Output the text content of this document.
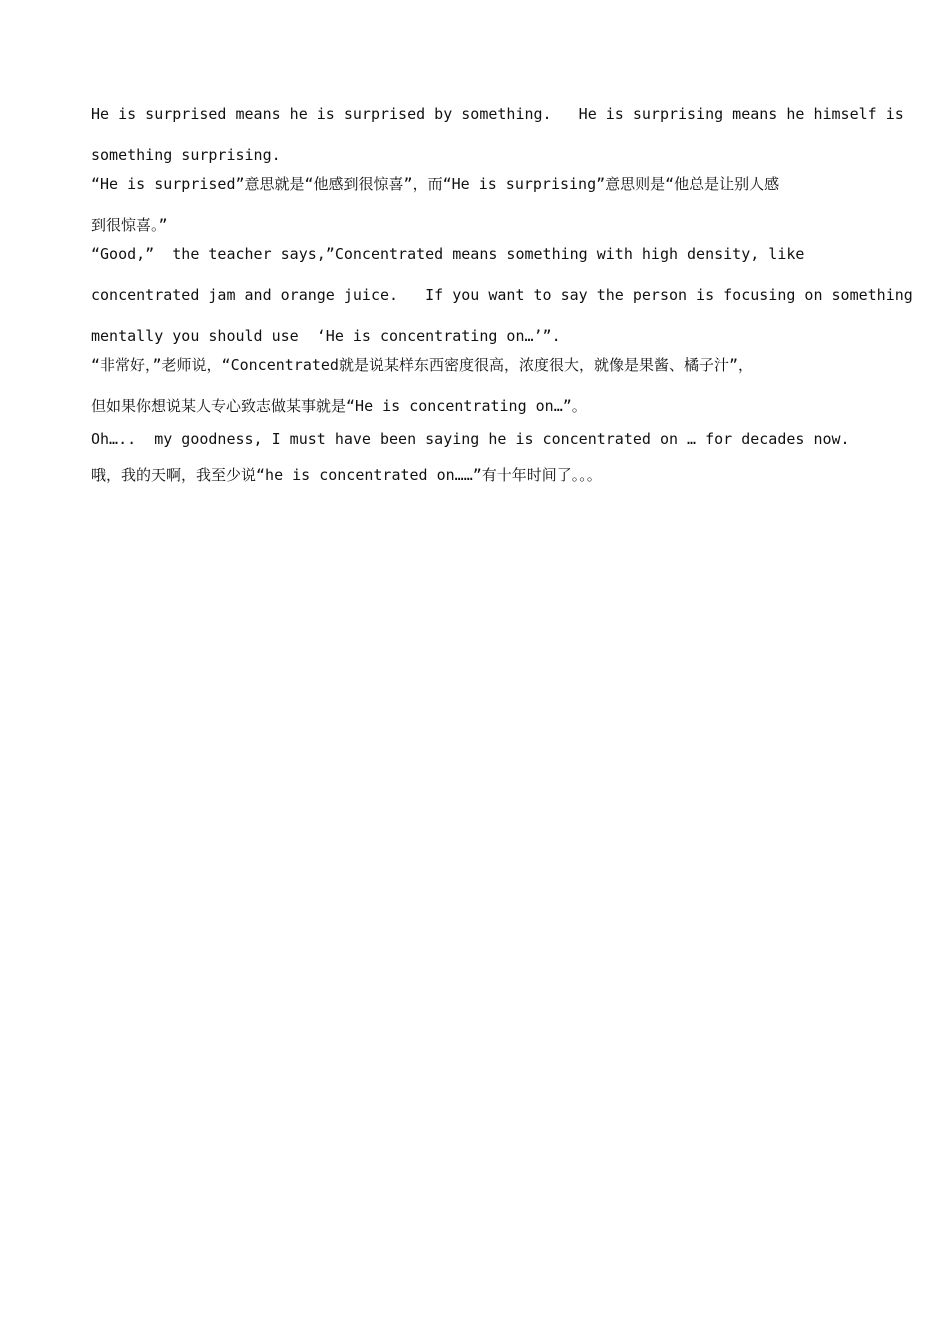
He is surprised means he is surprised by something.   He is surprising means he himself is
something surprising.

“He is surprised”意思就是“他感到很惊喜”，而“He is surprising”意思则是“他总是让别人感
到很惊喜。”

“Good,”  the teacher says,”Concentrated means something with high density, like
concentrated jam and orange juice.   If you want to say the person is focusing on something
mentally you should use  ‘He is concentrating on…’”.

“非常好，”老师说，“Concentrated就是说某样东西密度很高，浓度很大，就像是果酱、橘子汁”，
但如果你想说某人专心致志做某事就是“He is concentrating on…”。

Oh…..  my goodness, I must have been saying he is concentrated on … for decades now.

哦，我的天啊，我至少说“he is concentrated on……”有十年时间了。。。
